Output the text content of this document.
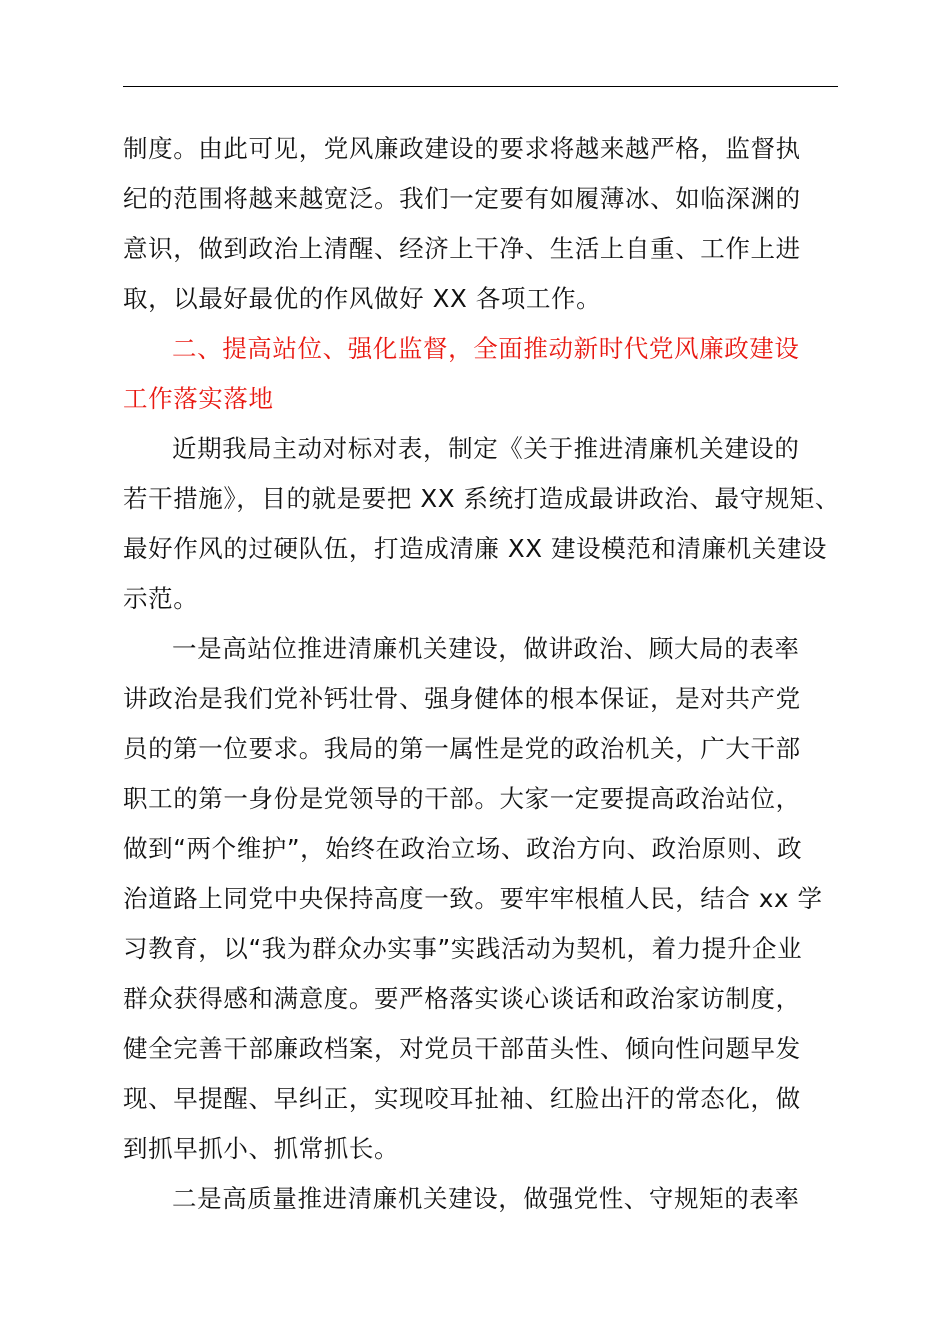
制度。由此可见，党风廉政建设的要求将越来越严格，监督执
纪的范围将越来越宽泛。我们一定要有如履薄冰、如临深渊的
意识，做到政治上清醒、经济上干净、生活上自重、工作上进
取，以最好最优的作风做好 XX 各项工作。
二、提高站位、强化监督，全面推动新时代党风廉政建设
工作落实落地
近期我局主动对标对表，制定《关于推进清廉机关建设的
若干措施》，目的就是要把 XX 系统打造成最讲政治、最守规矩、
最好作风的过硬队伍，打造成清廉 XX 建设模范和清廉机关建设
示范。
一是高站位推进清廉机关建设，做讲政治、顾大局的表率
讲政治是我们党补钙壮骨、强身健体的根本保证，是对共产党
员的第一位要求。我局的第一属性是党的政治机关，广大干部
职工的第一身份是党领导的干部。大家一定要提高政治站位，
做到“两个维护”，始终在政治立场、政治方向、政治原则、政
治道路上同党中央保持高度一致。要牢牢根植人民，结合 xx 学
习教育，以“我为群众办实事”实践活动为契机，着力提升企业
群众获得感和满意度。要严格落实谈心谈话和政治家访制度，
健全完善干部廉政档案，对党员干部苗头性、倾向性问题早发
现、早提醒、早纠正，实现咬耳扯袖、红脸出汗的常态化，做
到抓早抓小、抓常抓长。
二是高质量推进清廉机关建设，做强党性、守规矩的表率
